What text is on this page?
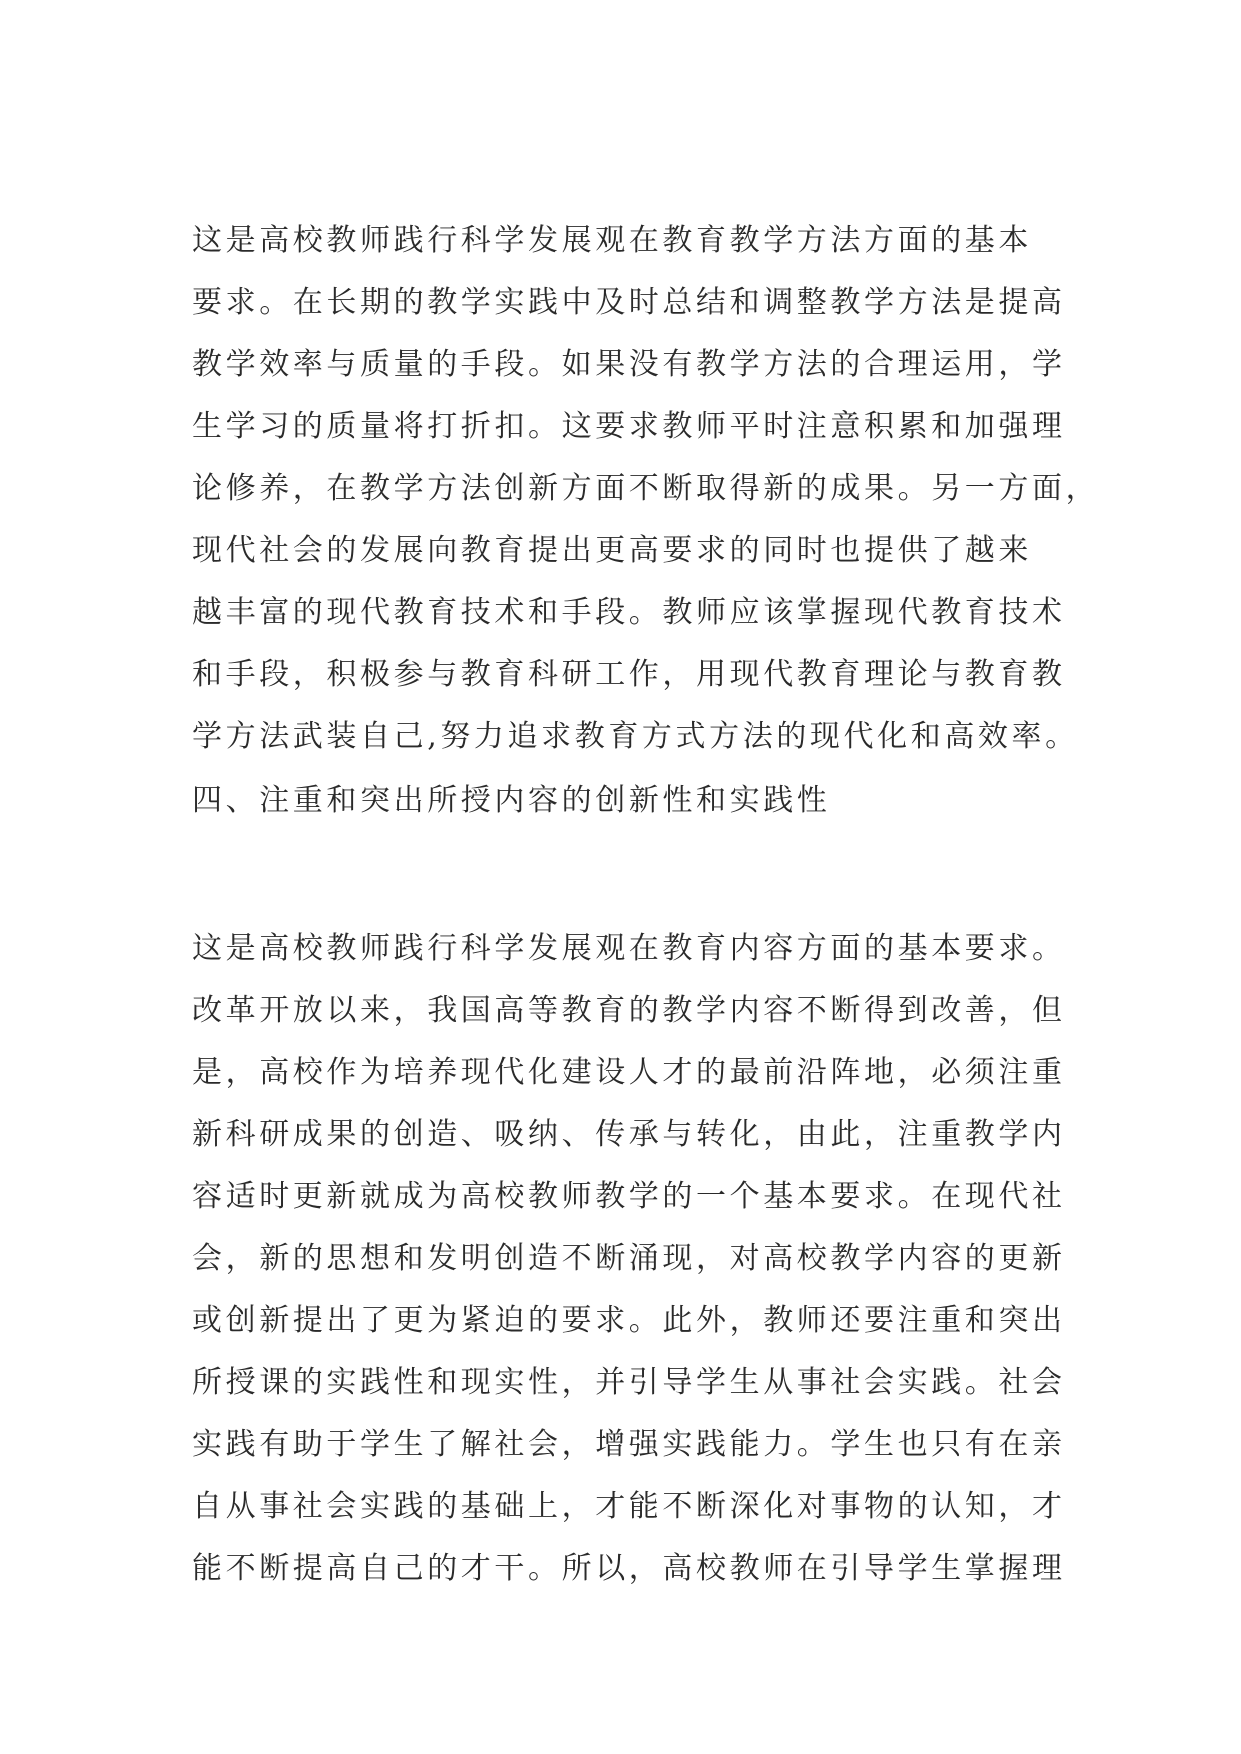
这是高校教师践行科学发展观在教育教学方法方面的基本
要求。在长期的教学实践中及时总结和调整教学方法是提高
教学效率与质量的手段。如果没有教学方法的合理运用，学
生学习的质量将打折扣。这要求教师平时注意积累和加强理
论修养，在教学方法创新方面不断取得新的成果。另一方面，
现代社会的发展向教育提出更高要求的同时也提供了越来
越丰富的现代教育技术和手段。教师应该掌握现代教育技术
和手段，积极参与教育科研工作，用现代教育理论与教育教
学方法武装自己,努力追求教育方式方法的现代化和高效率。
四、注重和突出所授内容的创新性和实践性
这是高校教师践行科学发展观在教育内容方面的基本要求。
改革开放以来，我国高等教育的教学内容不断得到改善，但
是，高校作为培养现代化建设人才的最前沿阵地，必须注重
新科研成果的创造、吸纳、传承与转化，由此，注重教学内
容适时更新就成为高校教师教学的一个基本要求。在现代社
会，新的思想和发明创造不断涌现，对高校教学内容的更新
或创新提出了更为紧迫的要求。此外，教师还要注重和突出
所授课的实践性和现实性，并引导学生从事社会实践。社会
实践有助于学生了解社会，增强实践能力。学生也只有在亲
自从事社会实践的基础上，才能不断深化对事物的认知，才
能不断提高自己的才干。所以，高校教师在引导学生掌握理
